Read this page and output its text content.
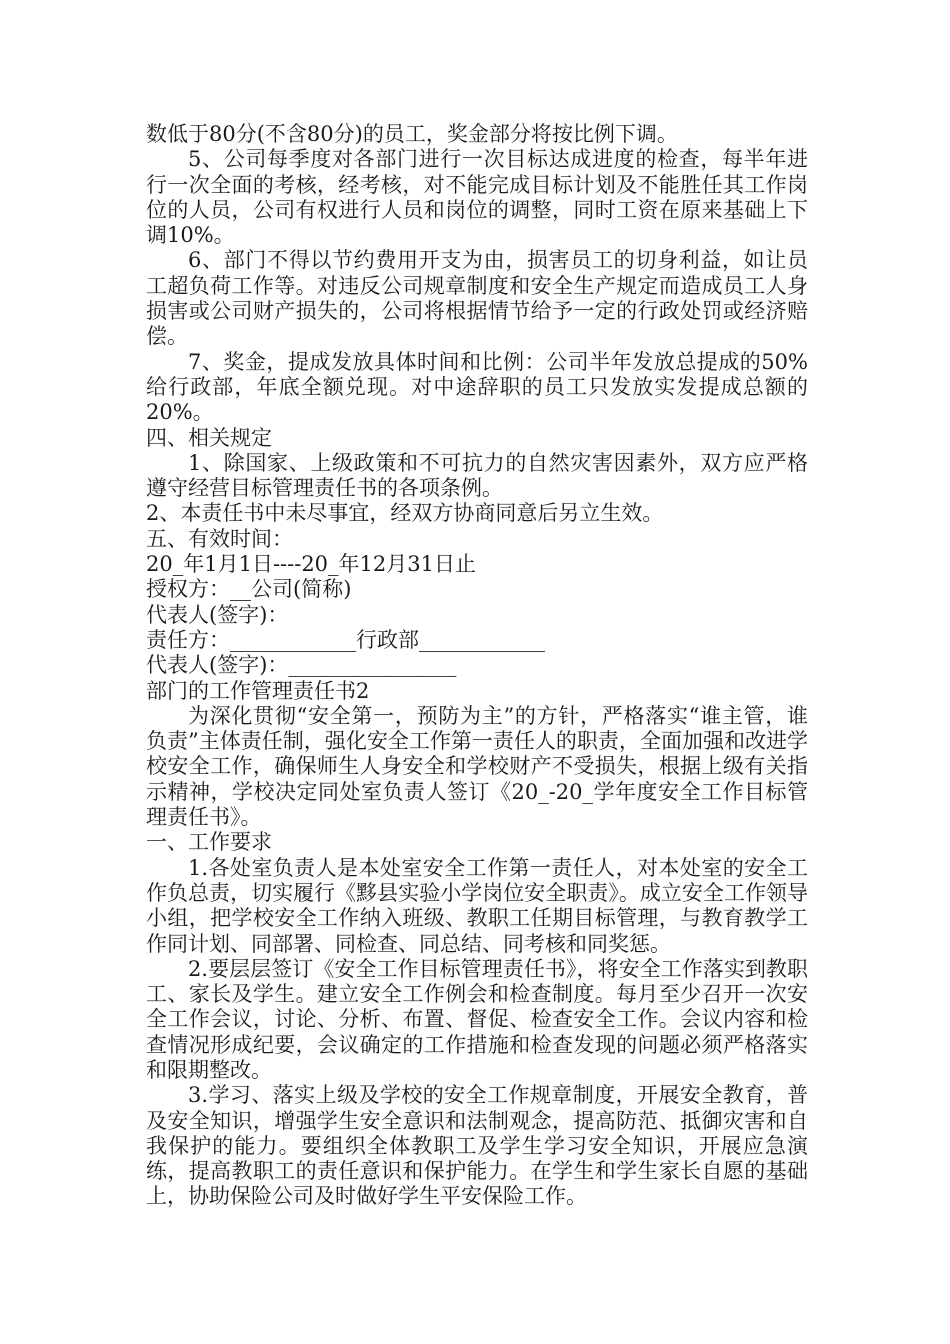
数低于80分(不含80分)的员工，奖金部分将按比例下调。

5、公司每季度对各部门进行一次目标达成进度的检查，每半年进行一次全面的考核，经考核，对不能完成目标计划及不能胜任其工作岗位的人员，公司有权进行人员和岗位的调整，同时工资在原来基础上下调10%。

6、部门不得以节约费用开支为由，损害员工的切身利益，如让员工超负荷工作等。对违反公司规章制度和安全生产规定而造成员工人身损害或公司财产损失的，公司将根据情节给予一定的行政处罚或经济赔偿。

7、奖金，提成发放具体时间和比例：公司半年发放总提成的50%给行政部，年底全额兑现。对中途辞职的员工只发放实发提成总额的20%。

四、相关规定

1、除国家、上级政策和不可抗力的自然灾害因素外，双方应严格遵守经营目标管理责任书的各项条例。

2、本责任书中未尽事宜，经双方协商同意后另立生效。

五、有效时间：

20_年1月1日----20_年12月31日止

授权方：__公司(简称)

代表人(签字)：

责任方：____________行政部____________

代表人(签字)：________________

部门的工作管理责任书2

为深化贯彻“安全第一，预防为主”的方针，严格落实“谁主管，谁负责”主体责任制，强化安全工作第一责任人的职责，全面加强和改进学校安全工作，确保师生人身安全和学校财产不受损失，根据上级有关指示精神，学校决定同处室负责人签订《20_-20_学年度安全工作目标管理责任书》。

一、工作要求

1.各处室负责人是本处室安全工作第一责任人，对本处室的安全工作负总责，切实履行《黟县实验小学岗位安全职责》。成立安全工作领导小组，把学校安全工作纳入班级、教职工任期目标管理，与教育教学工作同计划、同部署、同检查、同总结、同考核和同奖惩。

2.要层层签订《安全工作目标管理责任书》，将安全工作落实到教职工、家长及学生。建立安全工作例会和检查制度。每月至少召开一次安全工作会议，讨论、分析、布置、督促、检查安全工作。会议内容和检查情况形成纪要，会议确定的工作措施和检查发现的问题必须严格落实和限期整改。

3.学习、落实上级及学校的安全工作规章制度，开展安全教育，普及安全知识，增强学生安全意识和法制观念，提高防范、抵御灾害和自我保护的能力。要组织全体教职工及学生学习安全知识，开展应急演练，提高教职工的责任意识和保护能力。在学生和学生家长自愿的基础上，协助保险公司及时做好学生平安保险工作。
